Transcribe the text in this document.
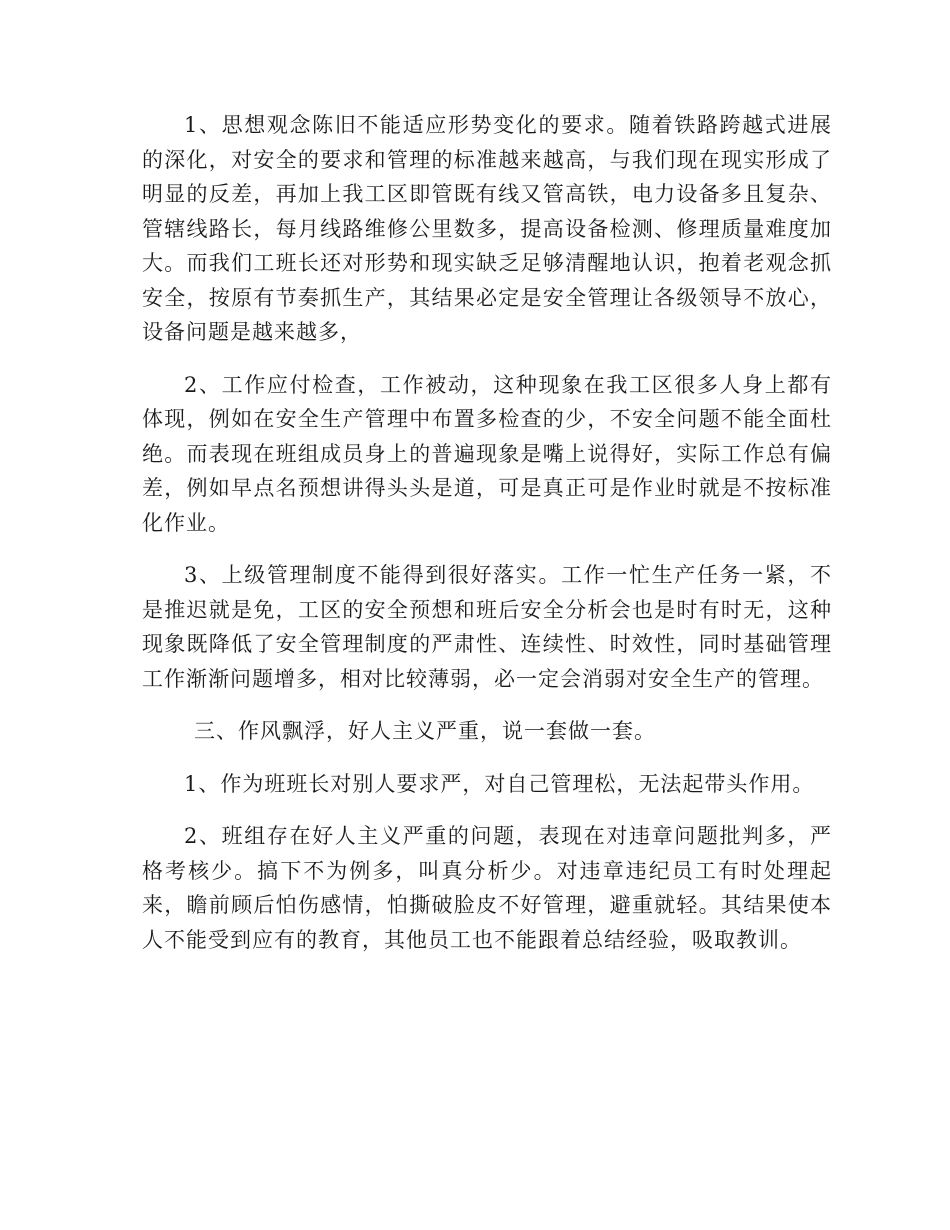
1、思想观念陈旧不能适应形势变化的要求。随着铁路跨越式进展的深化，对安全的要求和管理的标准越来越高，与我们现在现实形成了明显的反差，再加上我工区即管既有线又管高铁，电力设备多且复杂、管辖线路长，每月线路维修公里数多，提高设备检测、修理质量难度加大。而我们工班长还对形势和现实缺乏足够清醒地认识，抱着老观念抓安全，按原有节奏抓生产，其结果必定是安全管理让各级领导不放心，设备问题是越来越多，

2、工作应付检查，工作被动，这种现象在我工区很多人身上都有体现，例如在安全生产管理中布置多检查的少，不安全问题不能全面杜绝。而表现在班组成员身上的普遍现象是嘴上说得好，实际工作总有偏差，例如早点名预想讲得头头是道，可是真正可是作业时就是不按标准化作业。

3、上级管理制度不能得到很好落实。工作一忙生产任务一紧，不是推迟就是免，工区的安全预想和班后安全分析会也是时有时无，这种现象既降低了安全管理制度的严肃性、连续性、时效性，同时基础管理工作渐渐问题增多，相对比较薄弱，必一定会消弱对安全生产的管理。

三、作风飘浮，好人主义严重，说一套做一套。

1、作为班班长对别人要求严，对自己管理松，无法起带头作用。

2、班组存在好人主义严重的问题，表现在对违章问题批判多，严格考核少。搞下不为例多，叫真分析少。对违章违纪员工有时处理起来，瞻前顾后怕伤感情，怕撕破脸皮不好管理，避重就轻。其结果使本人不能受到应有的教育，其他员工也不能跟着总结经验，吸取教训。
